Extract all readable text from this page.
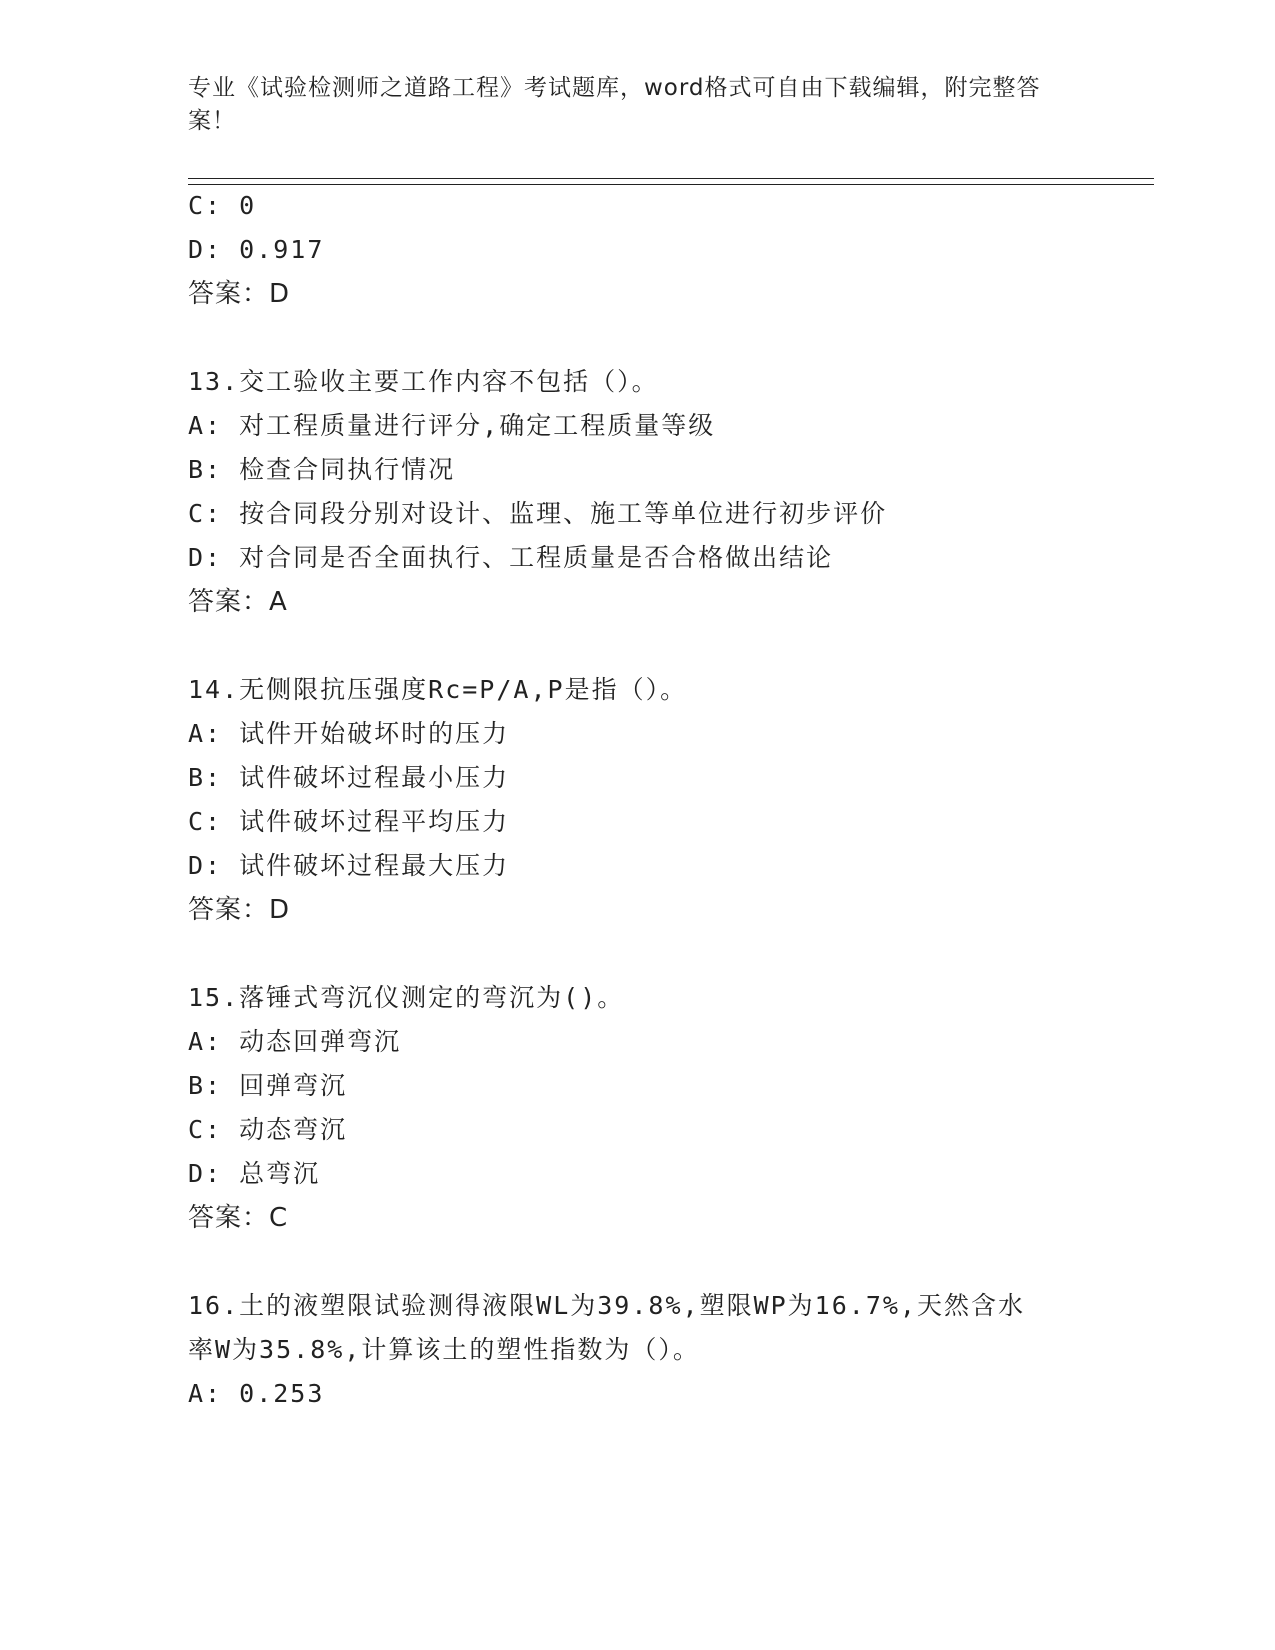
专业《试验检测师之道路工程》考试题库，word格式可自由下载编辑，附完整答
案！
C: 0
D: 0.917
答案：D
13.交工验收主要工作内容不包括（）。
A: 对工程质量进行评分,确定工程质量等级
B: 检查合同执行情况
C: 按合同段分别对设计、监理、施工等单位进行初步评价
D: 对合同是否全面执行、工程质量是否合格做出结论
答案：A
14.无侧限抗压强度Rc=P/A,P是指（）。
A: 试件开始破坏时的压力
B: 试件破坏过程最小压力
C: 试件破坏过程平均压力
D: 试件破坏过程最大压力
答案：D
15.落锤式弯沉仪测定的弯沉为()。
A: 动态回弹弯沉
B: 回弹弯沉
C: 动态弯沉
D: 总弯沉
答案：C
16.土的液塑限试验测得液限WL为39.8%,塑限WP为16.7%,天然含水
率W为35.8%,计算该土的塑性指数为（）。
A: 0.253
